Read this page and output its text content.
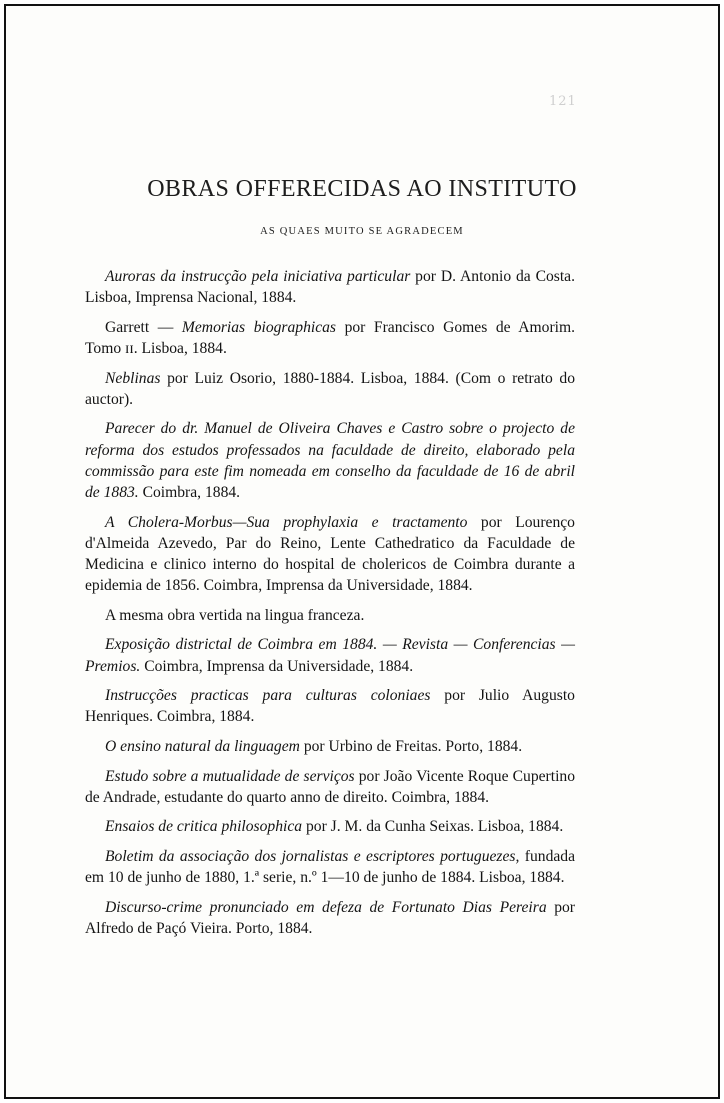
121
OBRAS OFFERECIDAS AO INSTITUTO
AS QUAES MUITO SE AGRADECEM

Auroras da instrucção pela iniciativa particular por D. Antonio da Costa. Lisboa, Imprensa Nacional, 1884.

Garrett — Memorias biographicas por Francisco Gomes de Amorim. Tomo ɪɪ. Lisboa, 1884.

Neblinas por Luiz Osorio, 1880-1884. Lisboa, 1884. (Com o retrato do auctor).

Parecer do dr. Manuel de Oliveira Chaves e Castro sobre o projecto de reforma dos estudos professados na faculdade de direito, elaborado pela commissão para este fim nomeada em conselho da faculdade de 16 de abril de 1883. Coimbra, 1884.

A Cholera-Morbus—Sua prophylaxia e tractamento por Lourenço d'Almeida Azevedo, Par do Reino, Lente Cathedratico da Faculdade de Medicina e clinico interno do hospital de cholericos de Coimbra durante a epidemia de 1856. Coimbra, Imprensa da Universidade, 1884.

A mesma obra vertida na lingua franceza.

Exposição districtal de Coimbra em 1884. — Revista — Conferencias — Premios. Coimbra, Imprensa da Universidade, 1884.

Instrucções practicas para culturas coloniaes por Julio Augusto Henriques. Coimbra, 1884.

O ensino natural da linguagem por Urbino de Freitas. Porto, 1884.

Estudo sobre a mutualidade de serviços por João Vicente Roque Cupertino de Andrade, estudante do quarto anno de direito. Coimbra, 1884.

Ensaios de critica philosophica por J. M. da Cunha Seixas. Lisboa, 1884.

Boletim da associação dos jornalistas e escriptores portuguezes, fundada em 10 de junho de 1880, 1.ª serie, n.º 1—10 de junho de 1884. Lisboa, 1884.

Discurso-crime pronunciado em defeza de Fortunato Dias Pereira por Alfredo de Paçó Vieira. Porto, 1884.
